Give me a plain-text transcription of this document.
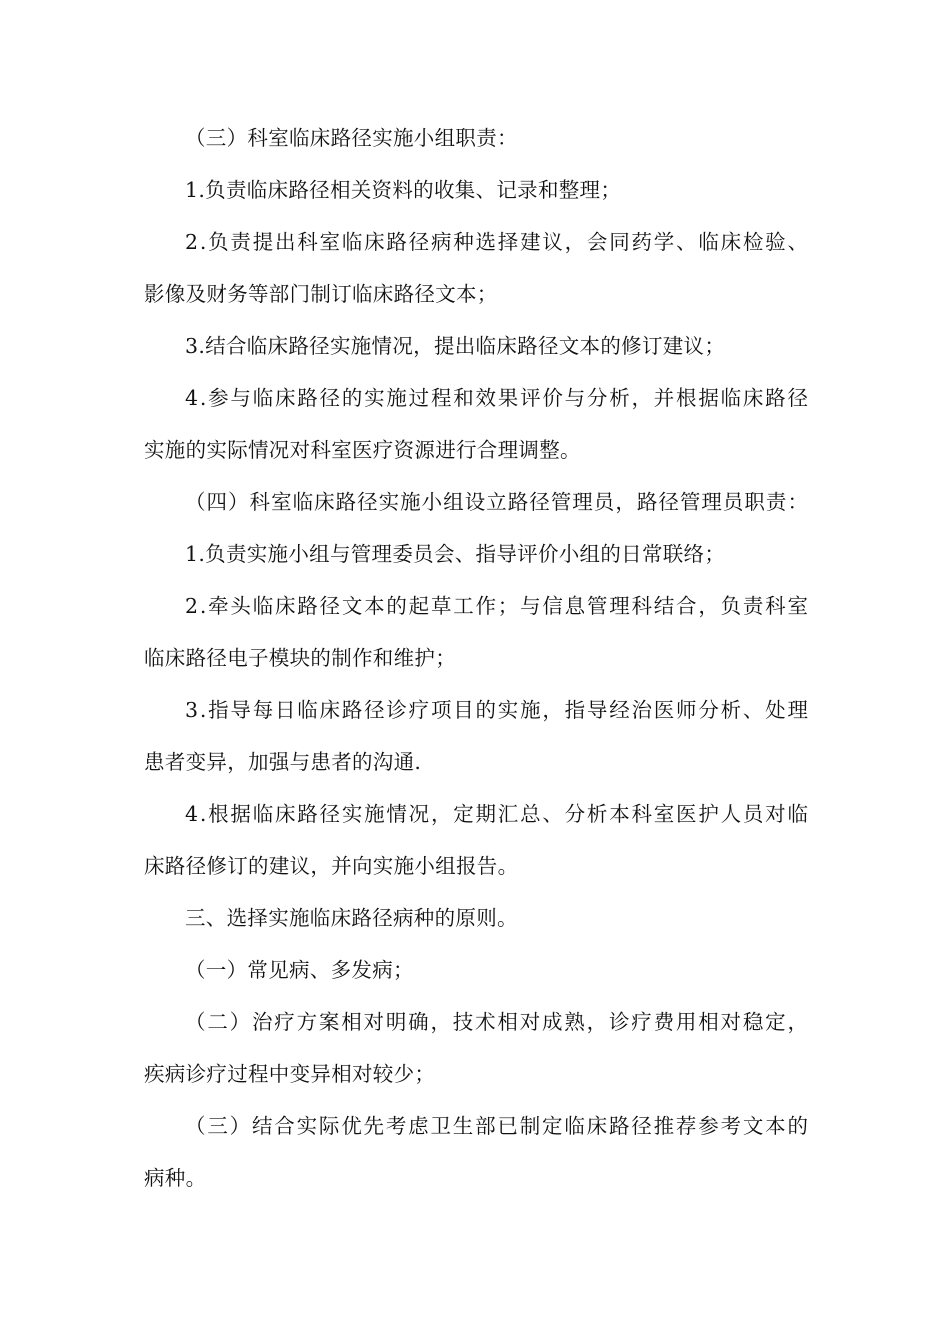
（三）科室临床路径实施小组职责：
1.负责临床路径相关资料的收集、记录和整理；
2 . 负 责 提 出 科 室 临 床 路 径 病 种 选 择 建 议 ， 会 同 药 学 、 临 床 检 验 、
影像及财务等部门制订临床路径文本；
3.结合临床路径实施情况，提出临床路径文本的修订建议；
4 . 参 与 临 床 路 径 的 实 施 过 程 和 效 果 评 价 与 分 析 ， 并 根 据 临 床 路 径
实施的实际情况对科室医疗资源进行合理调整。
（ 四 ） 科 室 临 床 路 径 实 施 小 组 设 立 路 径 管 理 员 ， 路 径 管 理 员 职 责 ：
1.负责实施小组与管理委员会、指导评价小组的日常联络；
2 . 牵 头 临 床 路 径 文 本 的 起 草 工 作 ； 与 信 息 管 理 科 结 合 ， 负 责 科 室
临床路径电子模块的制作和维护；
3 . 指 导 每 日 临 床 路 径 诊 疗 项 目 的 实 施 ， 指 导 经 治 医 师 分 析 、 处 理
患者变异，加强与患者的沟通.
4 . 根 据 临 床 路 径 实 施 情 况 ， 定 期 汇 总 、 分 析 本 科 室 医 护 人 员 对 临
床路径修订的建议，并向实施小组报告。
三、选择实施临床路径病种的原则。
（一）常见病、多发病；
（ 二 ） 治 疗 方 案 相 对 明 确 ， 技 术 相 对 成 熟 ， 诊 疗 费 用 相 对 稳 定 ，
疾病诊疗过程中变异相对较少；
（ 三 ） 结 合 实 际 优 先 考 虑 卫 生 部 已 制 定 临 床 路 径 推 荐 参 考 文 本 的
病种。
